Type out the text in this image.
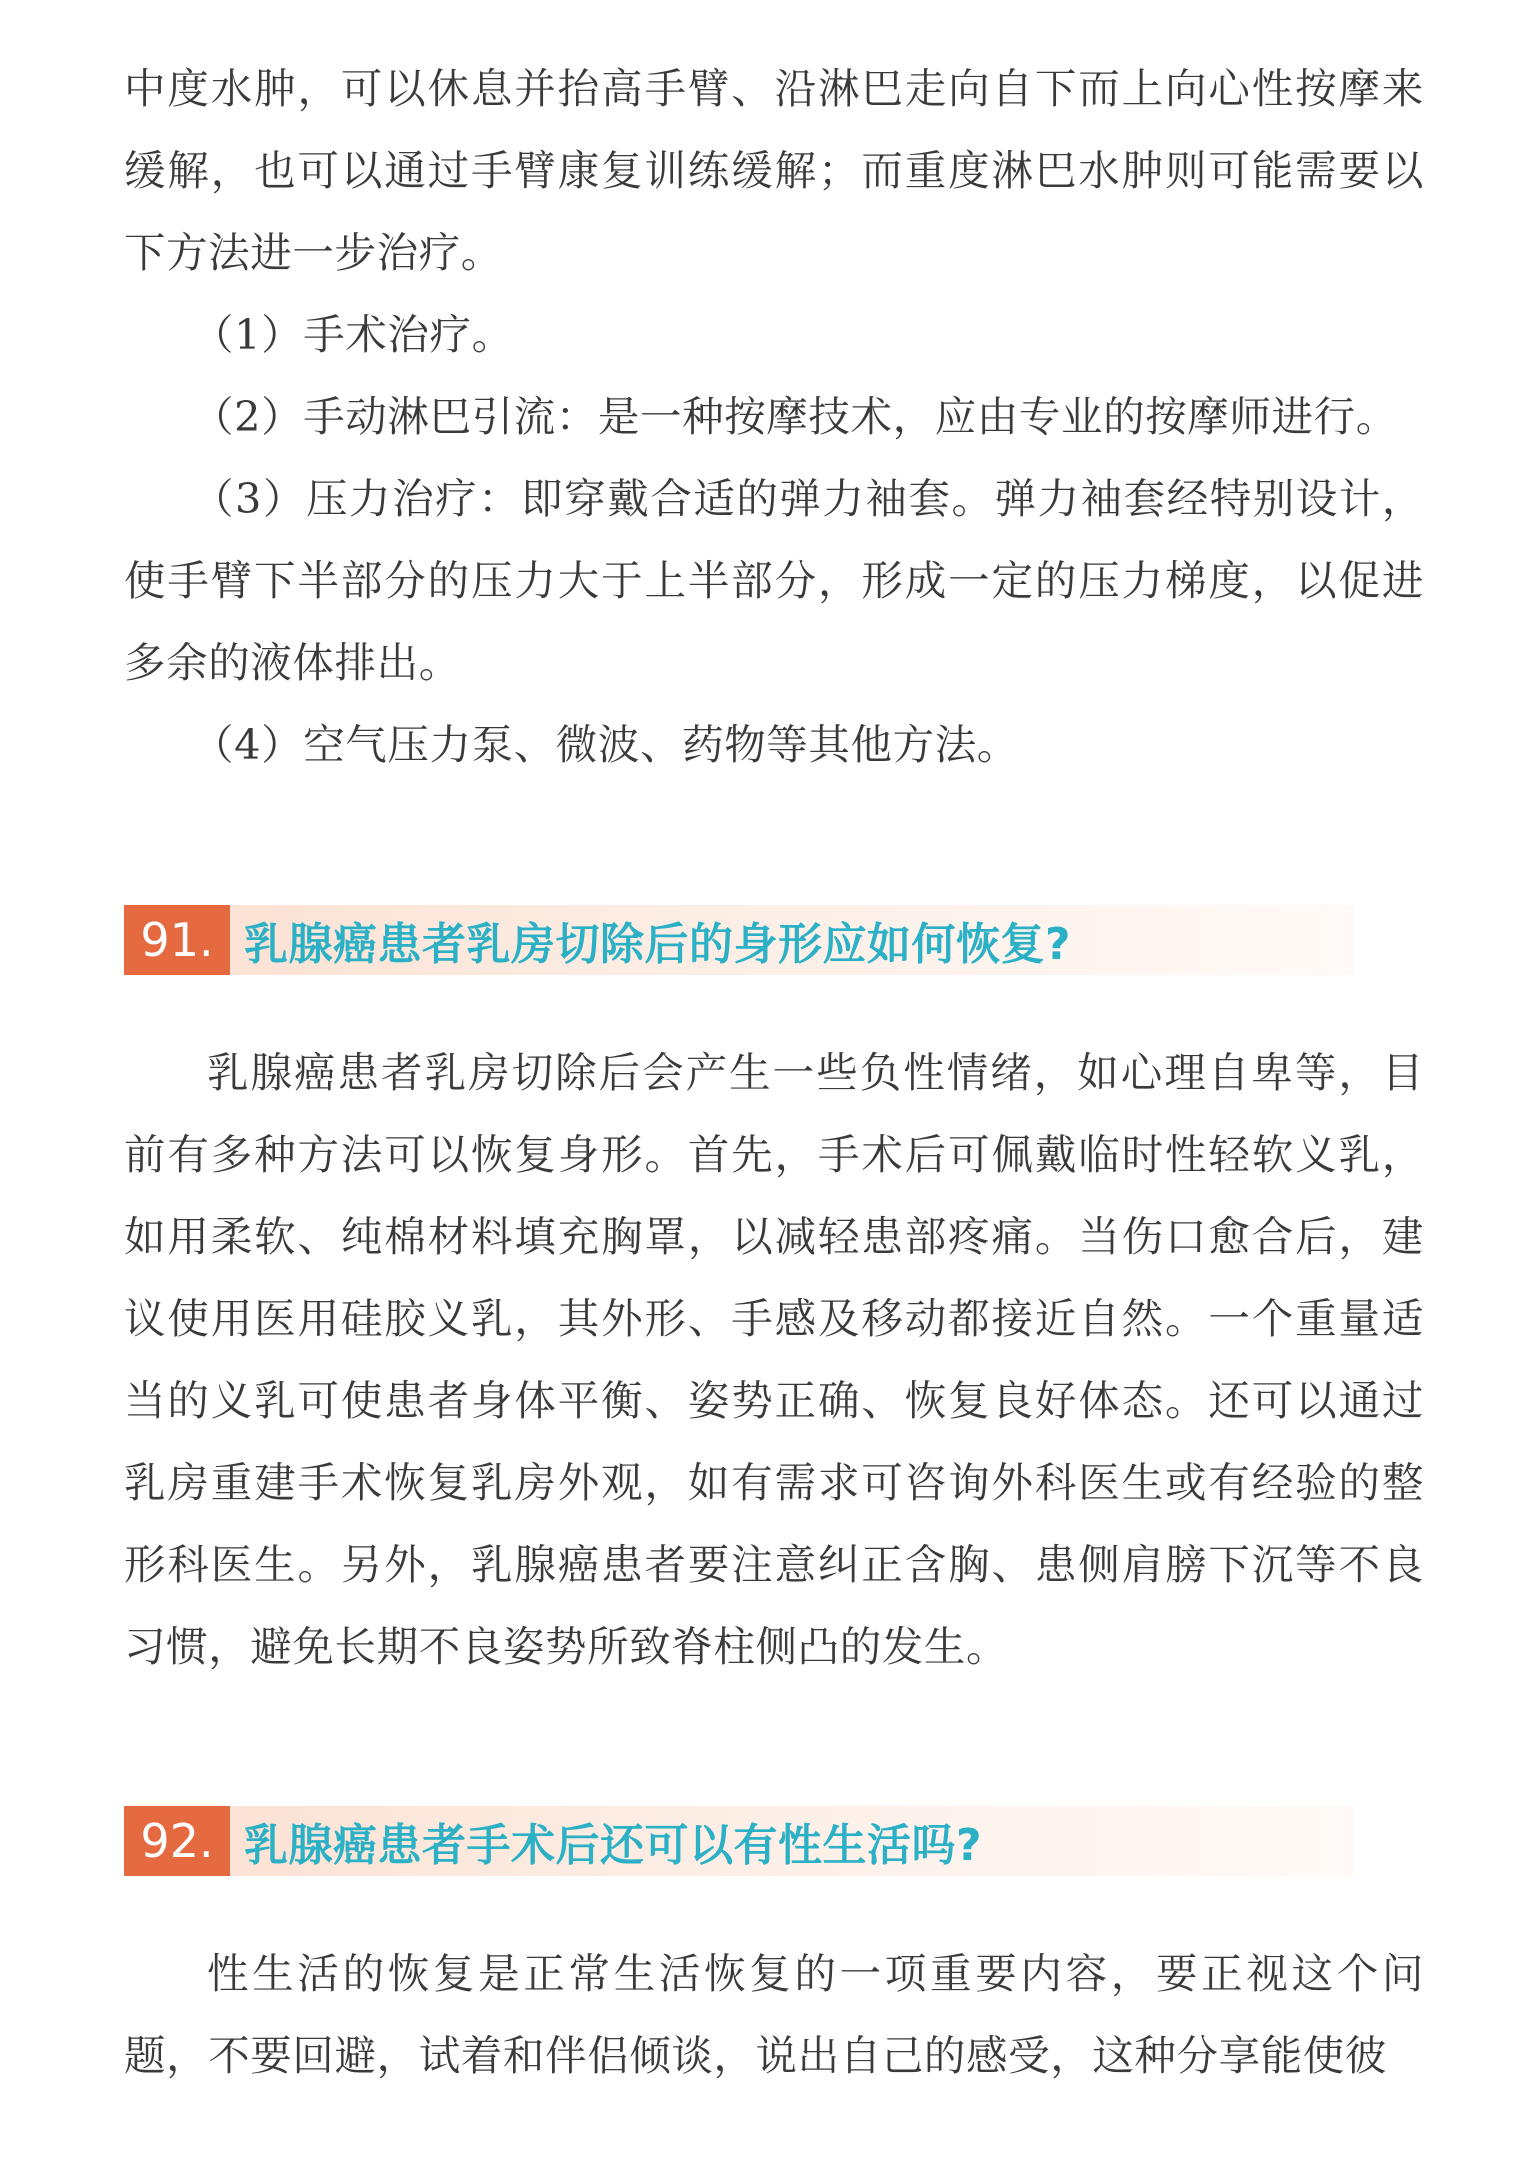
中度水肿，可以休息并抬高手臂、沿淋巴走向自下而上向心性按摩来缓解，也可以通过手臂康复训练缓解；而重度淋巴水肿则可能需要以下方法进一步治疗。

（1）手术治疗。

（2）手动淋巴引流：是一种按摩技术，应由专业的按摩师进行。

（3）压力治疗：即穿戴合适的弹力袖套。弹力袖套经特别设计，使手臂下半部分的压力大于上半部分，形成一定的压力梯度，以促进多余的液体排出。

（4）空气压力泵、微波、药物等其他方法。

91. 乳腺癌患者乳房切除后的身形应如何恢复?

乳腺癌患者乳房切除后会产生一些负性情绪，如心理自卑等，目前有多种方法可以恢复身形。首先，手术后可佩戴临时性轻软义乳，如用柔软、纯棉材料填充胸罩，以减轻患部疼痛。当伤口愈合后，建议使用医用硅胶义乳，其外形、手感及移动都接近自然。一个重量适当的义乳可使患者身体平衡、姿势正确、恢复良好体态。还可以通过乳房重建手术恢复乳房外观，如有需求可咨询外科医生或有经验的整形科医生。另外，乳腺癌患者要注意纠正含胸、患侧肩膀下沉等不良习惯，避免长期不良姿势所致脊柱侧凸的发生。

92. 乳腺癌患者手术后还可以有性生活吗?

性生活的恢复是正常生活恢复的一项重要内容，要正视这个问题，不要回避，试着和伴侣倾谈，说出自己的感受，这种分享能使彼
